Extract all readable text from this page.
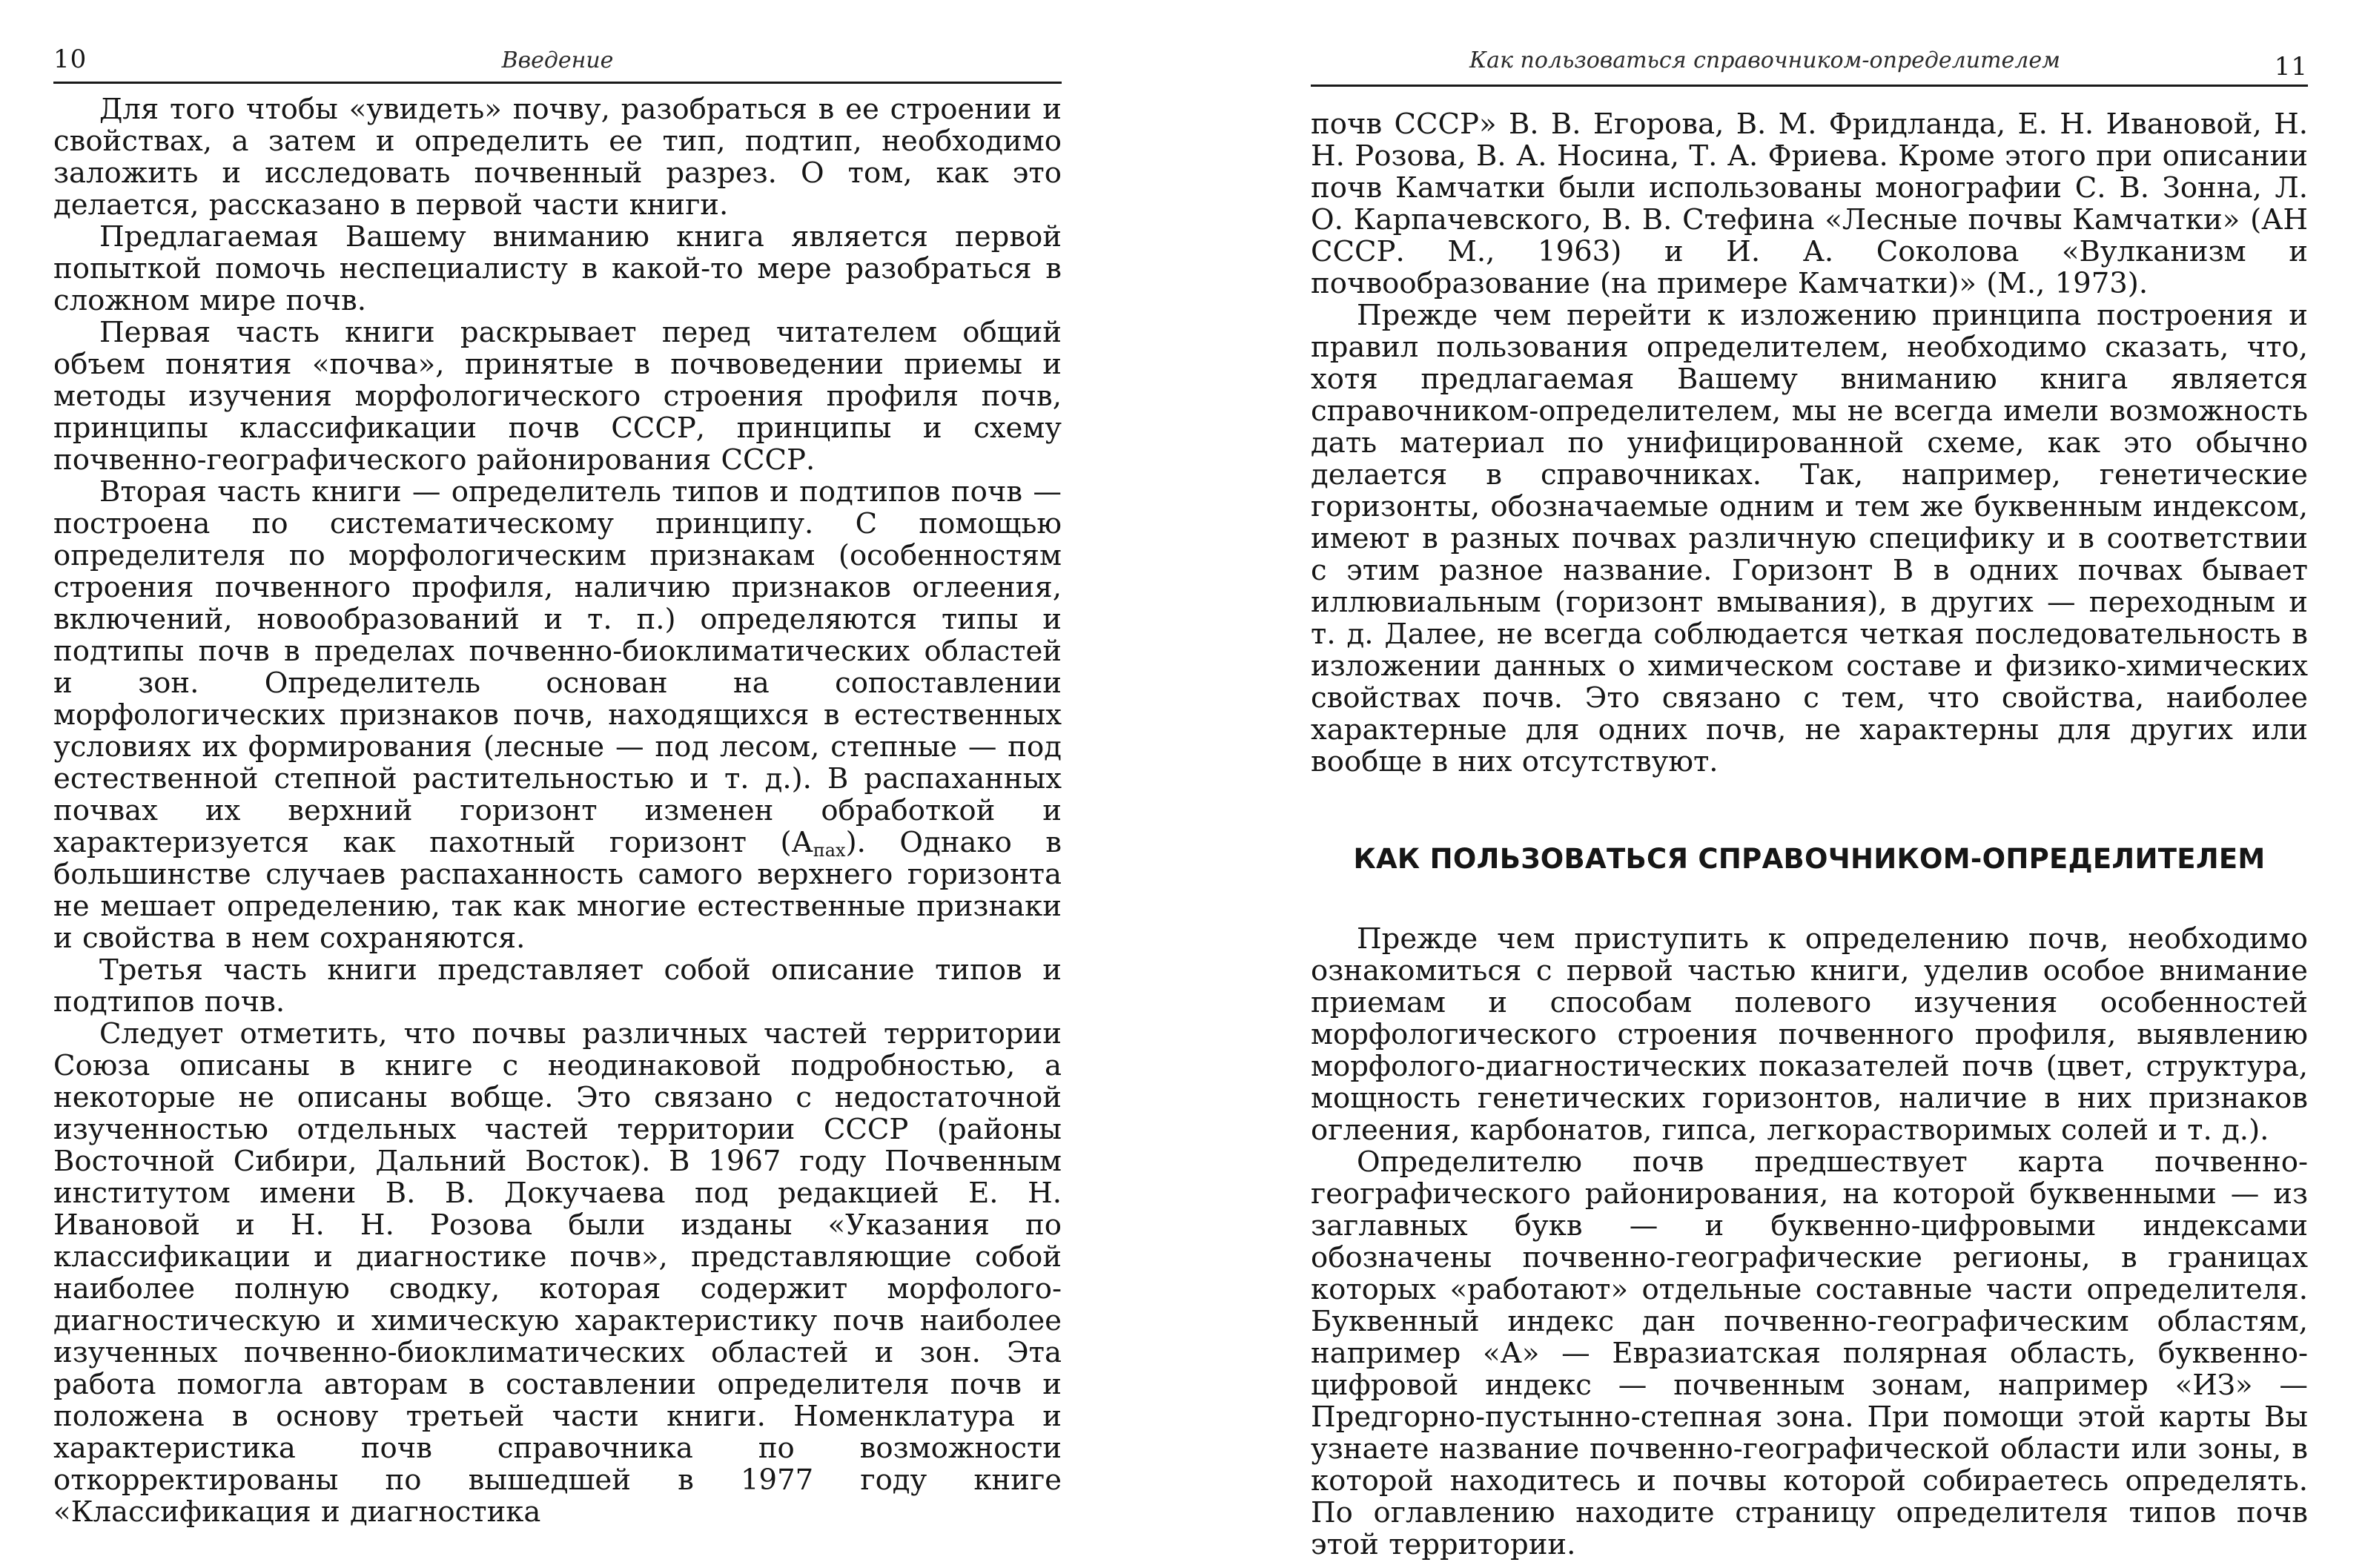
10	Введение

Для того чтобы «увидеть» почву, разобраться в ее строении и свойствах, а затем и определить ее тип, подтип, необходимо заложить и исследовать почвенный разрез. О том, как это делается, рассказано в первой части книги.

Предлагаемая Вашему вниманию книга является первой попыткой помочь неспециалисту в какой-то мере разобраться в сложном мире почв.

Первая часть книги раскрывает перед читателем общий объем понятия «почва», принятые в почвоведении приемы и методы изучения морфологического строения профиля почв, принципы классификации почв СССР, принципы и схему почвенно-географического районирования СССР.

Вторая часть книги — определитель типов и подтипов почв — построена по систематическому принципу. С помощью определителя по морфологическим признакам (особенностям строения почвенного профиля, наличию признаков оглеения, включений, новообразований и т. п.) определяются типы и подтипы почв в пределах почвенно-биоклиматических областей и зон. Определитель основан на сопоставлении морфологических признаков почв, находящихся в естественных условиях их формирования (лесные — под лесом, степные — под естественной степной растительностью и т. д.). В распаханных почвах их верхний горизонт изменен обработкой и характеризуется как пахотный горизонт $(А_{пах})$. Однако в большинстве случаев распаханность самого верхнего горизонта не мешает определению, так как многие естественные признаки и свойства в нем сохраняются.

Третья часть книги представляет собой описание типов и подтипов почв.

Следует отметить, что почвы различных частей территории Союза описаны в книге с неодинаковой подробностью, а некоторые не описаны вобще. Это связано с недостаточной изученностью отдельных частей территории СССР (районы Восточной Сибири, Дальний Восток). В 1967 году Почвенным институтом имени В. В. Докучаева под редакцией Е. Н. Ивановой и Н. Н. Розова были изданы «Указания по классификации и диагностике почв», представляющие собой наиболее полную сводку, которая содержит морфолого-диагностическую и химическую характеристику почв наиболее изученных почвенно-биоклиматических областей и зон. Эта работа помогла авторам в составлении определителя почв и положена в основу третьей части книги. Номенклатура и характеристика почв справочника по возможности откорректированы по вышедшей в 1977 году книге «Классификация и диагностика

Как пользоваться справочником-определителем	11

почв СССР» В. В. Егорова, В. М. Фридланда, Е. Н. Ивановой, Н. Н. Розова, В. А. Носина, Т. А. Фриева. Кроме этого при описании почв Камчатки были использованы монографии С. В. Зонна, Л. О. Карпачевского, В. В. Стефина «Лесные почвы Камчатки» (АН СССР. М., 1963) и И. А. Соколова «Вулканизм и почвообразование (на примере Камчатки)» (М., 1973).

Прежде чем перейти к изложению принципа построения и правил пользования определителем, необходимо сказать, что, хотя предлагаемая Вашему вниманию книга является справочником-определителем, мы не всегда имели возможность дать материал по унифицированной схеме, как это обычно делается в справочниках. Так, например, генетические горизонты, обозначаемые одним и тем же буквенным индексом, имеют в разных почвах различную специфику и в соответствии с этим разное название. Горизонт В в одних почвах бывает иллювиальным (горизонт вмывания), в других — переходным и т. д. Далее, не всегда соблюдается четкая последовательность в изложении данных о химическом составе и физико-химических свойствах почв. Это связано с тем, что свойства, наиболее характерные для одних почв, не характерны для других или вообще в них отсутствуют.

КАК ПОЛЬЗОВАТЬСЯ СПРАВОЧНИКОМ-ОПРЕДЕЛИТЕЛЕМ

Прежде чем приступить к определению почв, необходимо ознакомиться с первой частью книги, уделив особое внимание приемам и способам полевого изучения особенностей морфологического строения почвенного профиля, выявлению морфолого-диагностических показателей почв (цвет, структура, мощность генетических горизонтов, наличие в них признаков оглеения, карбонатов, гипса, легкорастворимых солей и т. д.).

Определителю почв предшествует карта почвенно-географического районирования, на которой буквенными — из заглавных букв — и буквенно-цифровыми индексами обозначены почвенно-географические регионы, в границах которых «работают» отдельные составные части определителя. Буквенный индекс дан почвенно-географическим областям, например «А» — Евразиатская полярная область, буквенно-цифровой индекс — почвенным зонам, например «ИЗ» — Предгорно-пустынно-степная зона. При помощи этой карты Вы узнаете название почвенно-географической области или зоны, в которой находитесь и почвы которой собираетесь определять. По оглавлению находите страницу определителя типов почв этой территории.
